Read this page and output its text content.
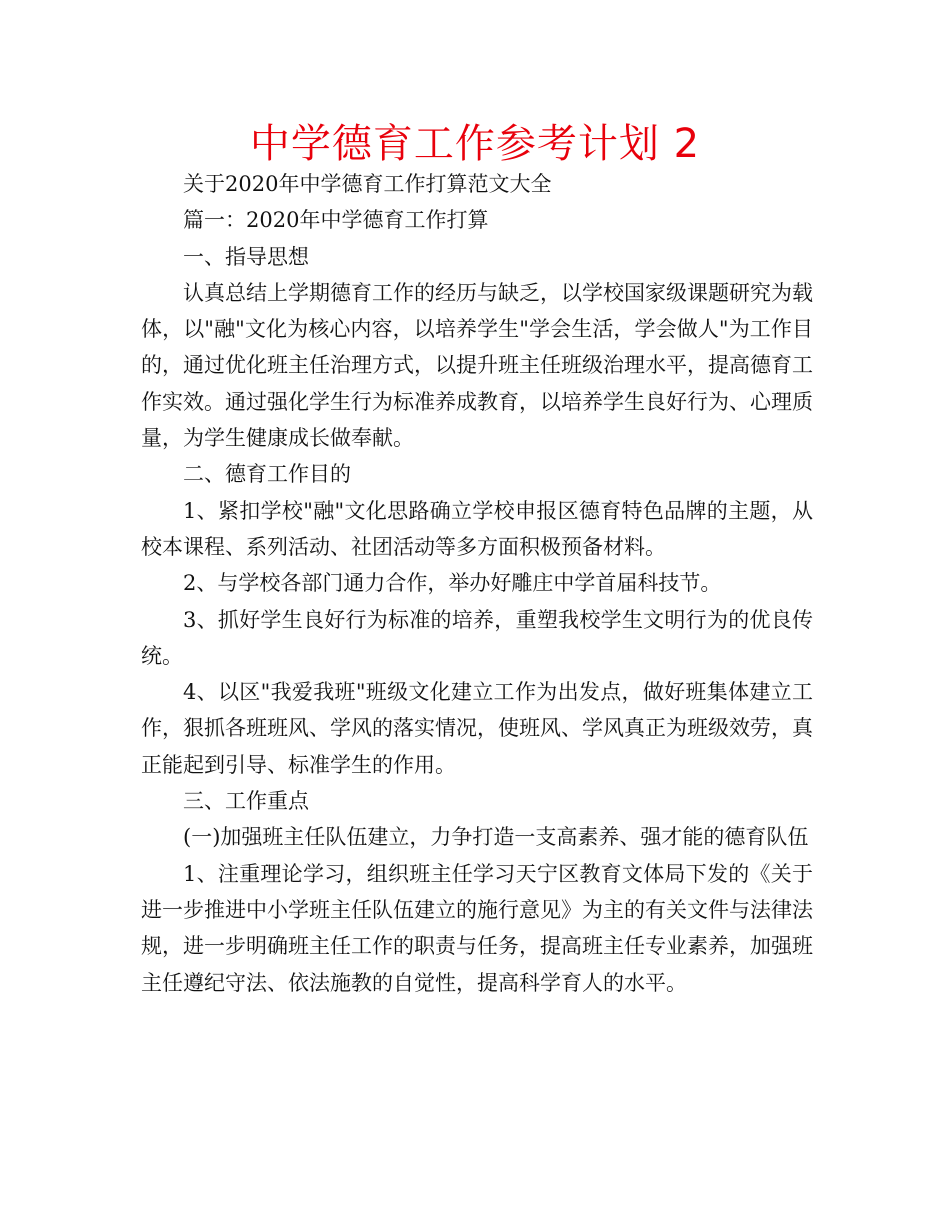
中学德育工作参考计划 2

关于2020年中学德育工作打算范文大全

篇一：2020年中学德育工作打算

一、指导思想

认真总结上学期德育工作的经历与缺乏，以学校国家级课题研究为载体，以"融"文化为核心内容，以培养学生"学会生活，学会做人"为工作目的，通过优化班主任治理方式，以提升班主任班级治理水平，提高德育工作实效。通过强化学生行为标准养成教育，以培养学生良好行为、心理质量，为学生健康成长做奉献。

二、德育工作目的

1、紧扣学校"融"文化思路确立学校申报区德育特色品牌的主题，从校本课程、系列活动、社团活动等多方面积极预备材料。

2、与学校各部门通力合作，举办好雕庄中学首届科技节。

3、抓好学生良好行为标准的培养，重塑我校学生文明行为的优良传统。

4、以区"我爱我班"班级文化建立工作为出发点，做好班集体建立工作，狠抓各班班风、学风的落实情况，使班风、学风真正为班级效劳，真正能起到引导、标准学生的作用。

三、工作重点

(一)加强班主任队伍建立，力争打造一支高素养、强才能的德育队伍

1、注重理论学习，组织班主任学习天宁区教育文体局下发的《关于进一步推进中小学班主任队伍建立的施行意见》为主的有关文件与法律法规，进一步明确班主任工作的职责与任务，提高班主任专业素养，加强班主任遵纪守法、依法施教的自觉性，提高科学育人的水平。
